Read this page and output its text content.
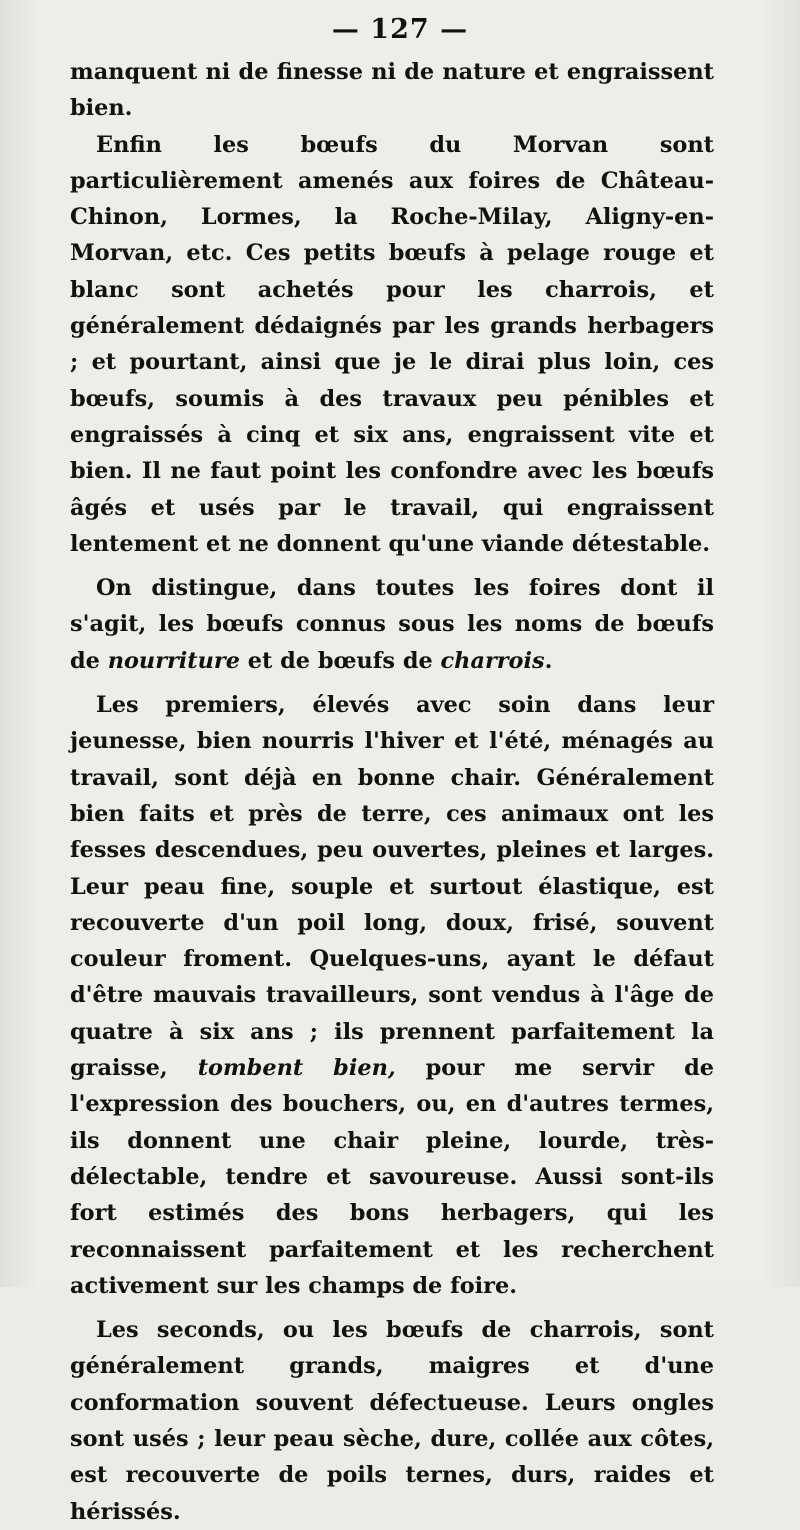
— 127 —

manquent ni de finesse ni de nature et engraissent bien.

Enfin les bœufs du Morvan sont particulièrement amenés aux foires de Château-Chinon, Lormes, la Roche-Milay, Aligny-en-Morvan, etc. Ces petits bœufs à pelage rouge et blanc sont achetés pour les charrois, et généralement dédaignés par les grands herbagers ; et pourtant, ainsi que je le dirai plus loin, ces bœufs, soumis à des travaux peu pénibles et engraissés à cinq et six ans, engraissent vite et bien. Il ne faut point les confondre avec les bœufs âgés et usés par le travail, qui engraissent lentement et ne donnent qu'une viande détestable.

On distingue, dans toutes les foires dont il s'agit, les bœufs connus sous les noms de bœufs de nourriture et de bœufs de charrois.

Les premiers, élevés avec soin dans leur jeunesse, bien nourris l'hiver et l'été, ménagés au travail, sont déjà en bonne chair. Généralement bien faits et près de terre, ces animaux ont les fesses descendues, peu ouvertes, pleines et larges. Leur peau fine, souple et surtout élastique, est recouverte d'un poil long, doux, frisé, souvent couleur froment. Quelques-uns, ayant le défaut d'être mauvais travailleurs, sont vendus à l'âge de quatre à six ans ; ils prennent parfaitement la graisse, tombent bien, pour me servir de l'expression des bouchers, ou, en d'autres termes, ils donnent une chair pleine, lourde, très-délectable, tendre et savoureuse. Aussi sont-ils fort estimés des bons herbagers, qui les reconnaissent parfaitement et les recherchent activement sur les champs de foire.

Les seconds, ou les bœufs de charrois, sont généralement grands, maigres et d'une conformation souvent défectueuse. Leurs ongles sont usés ; leur peau sèche, dure, collée aux côtes, est recouverte de poils ternes, durs, raides et hérissés.
